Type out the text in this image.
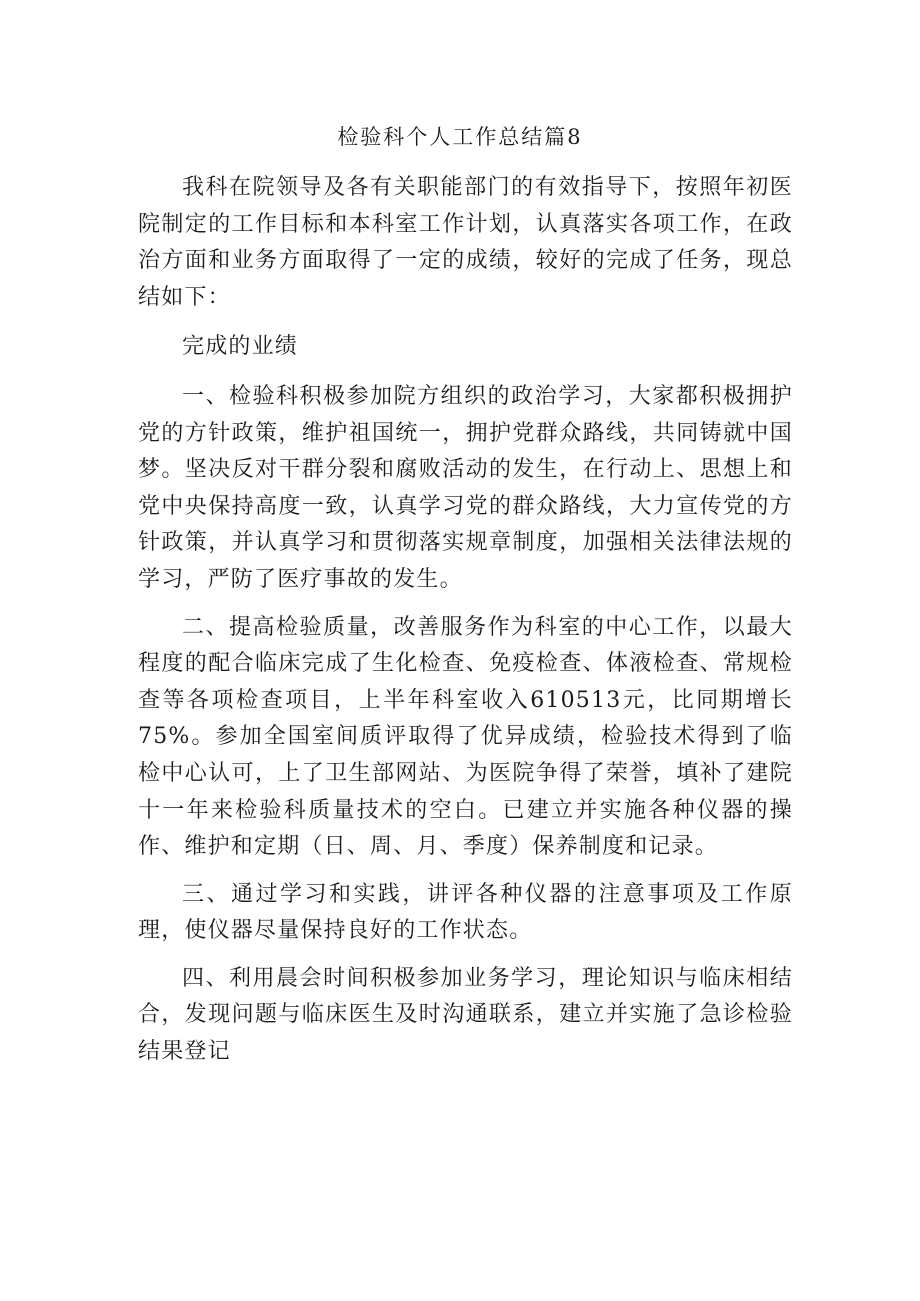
检验科个人工作总结篇8

我科在院领导及各有关职能部门的有效指导下，按照年初医院制定的工作目标和本科室工作计划，认真落实各项工作，在政治方面和业务方面取得了一定的成绩，较好的完成了任务，现总结如下：

完成的业绩

一、检验科积极参加院方组织的政治学习，大家都积极拥护党的方针政策，维护祖国统一，拥护党群众路线，共同铸就中国梦。坚决反对干群分裂和腐败活动的发生，在行动上、思想上和党中央保持高度一致，认真学习党的群众路线，大力宣传党的方针政策，并认真学习和贯彻落实规章制度，加强相关法律法规的学习，严防了医疗事故的发生。

二、提高检验质量，改善服务作为科室的中心工作，以最大程度的配合临床完成了生化检查、免疫检查、体液检查、常规检查等各项检查项目，上半年科室收入610513元，比同期增长75%。参加全国室间质评取得了优异成绩，检验技术得到了临检中心认可，上了卫生部网站、为医院争得了荣誉，填补了建院十一年来检验科质量技术的空白。已建立并实施各种仪器的操作、维护和定期（日、周、月、季度）保养制度和记录。

三、通过学习和实践，讲评各种仪器的注意事项及工作原理，使仪器尽量保持良好的工作状态。

四、利用晨会时间积极参加业务学习，理论知识与临床相结合，发现问题与临床医生及时沟通联系，建立并实施了急诊检验结果登记
